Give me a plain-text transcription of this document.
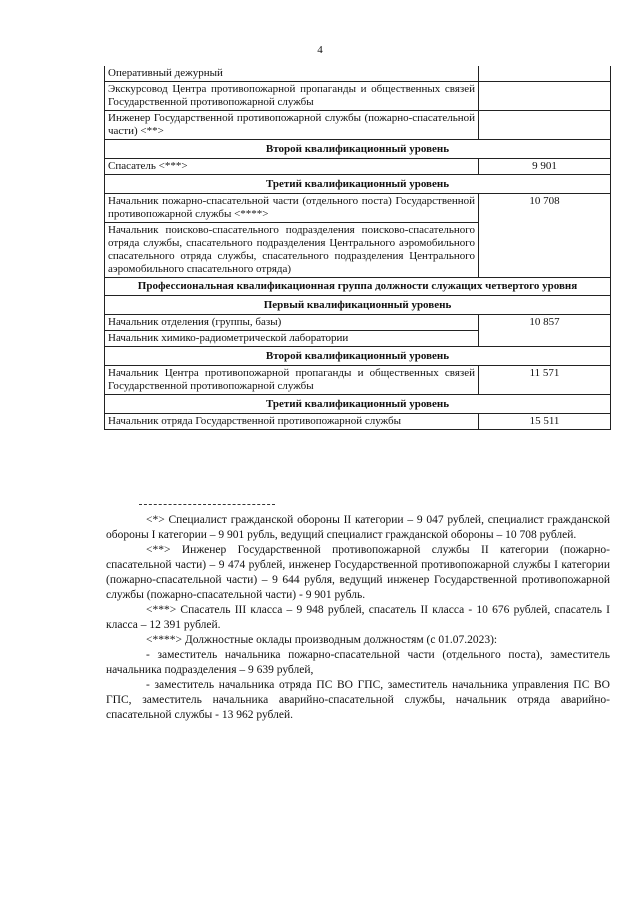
4
Оперативный дежурный	
Экскурсовод Центра противопожарной пропаганды и общественных связей Государственной противопожарной службы	
Инженер Государственной противопожарной службы (пожарно-спасательной части) <**>	
Второй квалификационный уровень	
Спасатель <***>	9 901
Третий квалификационный уровень	
Начальник пожарно-спасательной части (отдельного поста) Государственной противопожарной службы <****>	10 708
Начальник поисково-спасательного подразделения поисково-спасательного отряда службы, спасательного подразделения Центрального аэромобильного спасательного отряда службы, спасательного подразделения Центрального аэромобильного спасательного отряда)	
Профессиональная квалификационная группа должности служащих четвертого уровня	
Первый квалификационный уровень	
Начальник отделения (группы, базы)	10 857
Начальник химико-радиометрической лаборатории	
Второй квалификационный уровень	
Начальник Центра противопожарной пропаганды и общественных связей Государственной противопожарной службы	11 571
Третий квалификационный уровень	
Начальник отряда Государственной противопожарной службы	15 511

<*> Специалист гражданской обороны II категории – 9 047 рублей, специалист гражданской обороны I категории – 9 901 рубль, ведущий специалист гражданской обороны – 10 708 рублей.

<**> Инженер Государственной противопожарной службы II категории (пожарно-спасательной части) – 9 474 рублей, инженер Государственной противопожарной службы I категории (пожарно-спасательной части) – 9 644 рубля, ведущий инженер Государственной противопожарной службы (пожарно-спасательной части) - 9 901 рубль.

<***> Спасатель III класса – 9 948 рублей, спасатель II класса - 10 676 рублей, спасатель I класса – 12 391 рублей.

<****> Должностные оклады производным должностям (с 01.07.2023):

- заместитель начальника пожарно-спасательной части (отдельного поста), заместитель начальника подразделения – 9 639 рублей,

- заместитель начальника отряда ПС ВО ГПС, заместитель начальника управления ПС ВО ГПС, заместитель начальника аварийно-спасательной службы, начальник отряда аварийно-спасательной службы - 13 962 рублей.
